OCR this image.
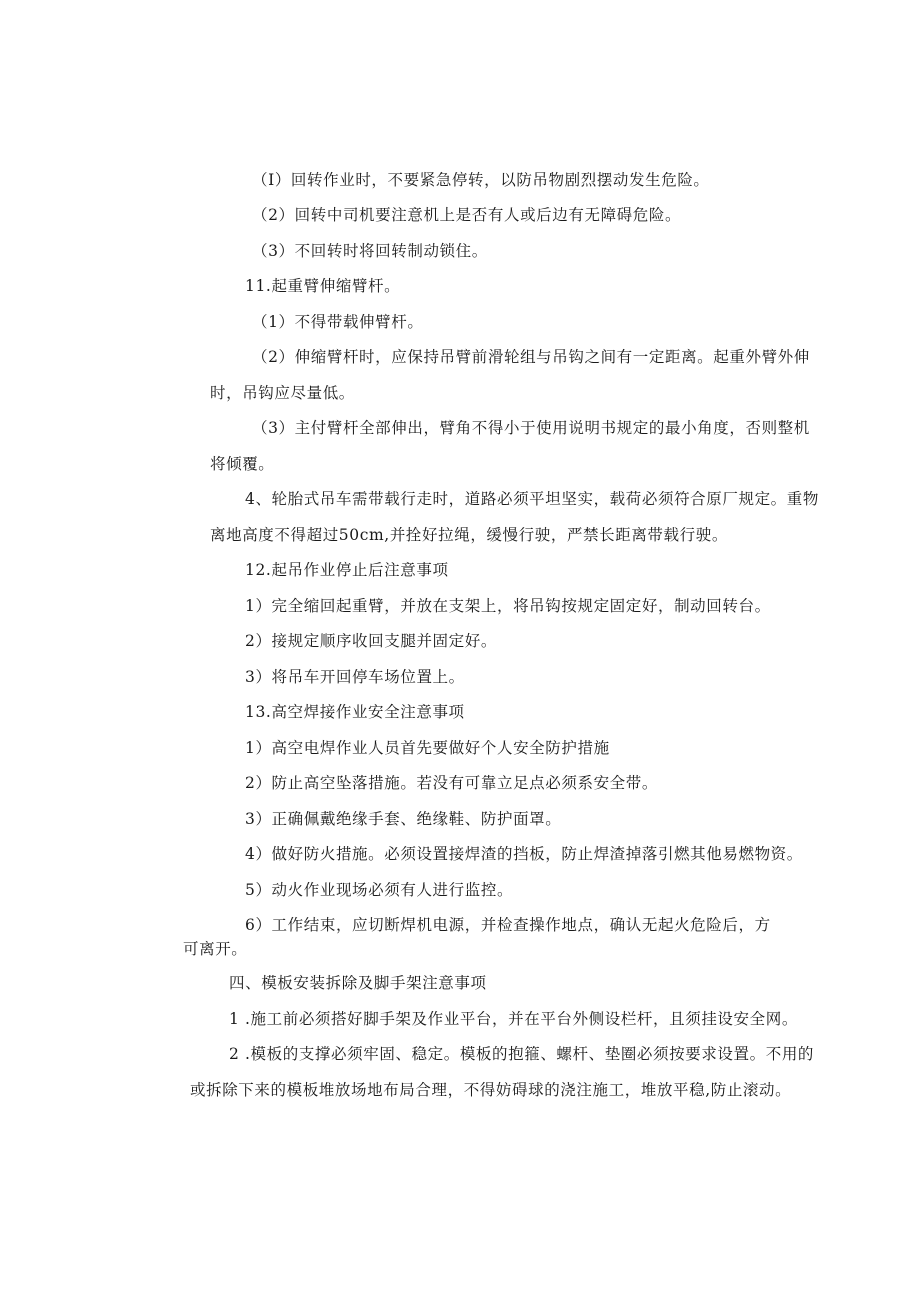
（I）回转作业时，不要紧急停转，以防吊物剧烈摆动发生危险。
（2）回转中司机要注意机上是否有人或后边有无障碍危险。
（3）不回转时将回转制动锁住。
11.起重臂伸缩臂杆。
（1）不得带载伸臂杆。
（2）伸缩臂杆时，应保持吊臂前滑轮组与吊钩之间有一定距离。起重外臂外伸
时，吊钩应尽量低。
（3）主付臂杆全部伸出，臂角不得小于使用说明书规定的最小角度，否则整机
将倾覆。
4、轮胎式吊车需带载行走时，道路必须平坦坚实，载荷必须符合原厂规定。重物
离地高度不得超过50cm,并拴好拉绳，缓慢行驶，严禁长距离带载行驶。
12.起吊作业停止后注意事项
1）完全缩回起重臂，并放在支架上，将吊钩按规定固定好，制动回转台。
2）接规定顺序收回支腿并固定好。
3）将吊车开回停车场位置上。
13.高空焊接作业安全注意事项
1）高空电焊作业人员首先要做好个人安全防护措施
2）防止高空坠落措施。若没有可靠立足点必须系安全带。
3）正确佩戴绝缘手套、绝缘鞋、防护面罩。
4）做好防火措施。必须设置接焊渣的挡板，防止焊渣掉落引燃其他易燃物资。
5）动火作业现场必须有人进行监控。
6）工作结束，应切断焊机电源，并检查操作地点，确认无起火危险后，方
可离开。
四、模板安装拆除及脚手架注意事项
1 .施工前必须搭好脚手架及作业平台，并在平台外侧设栏杆，且须挂设安全网。
2 .模板的支撑必须牢固、稳定。模板的抱箍、螺杆、垫圈必须按要求设置。不用的
或拆除下来的模板堆放场地布局合理，不得妨碍球的浇注施工，堆放平稳,防止滚动。
